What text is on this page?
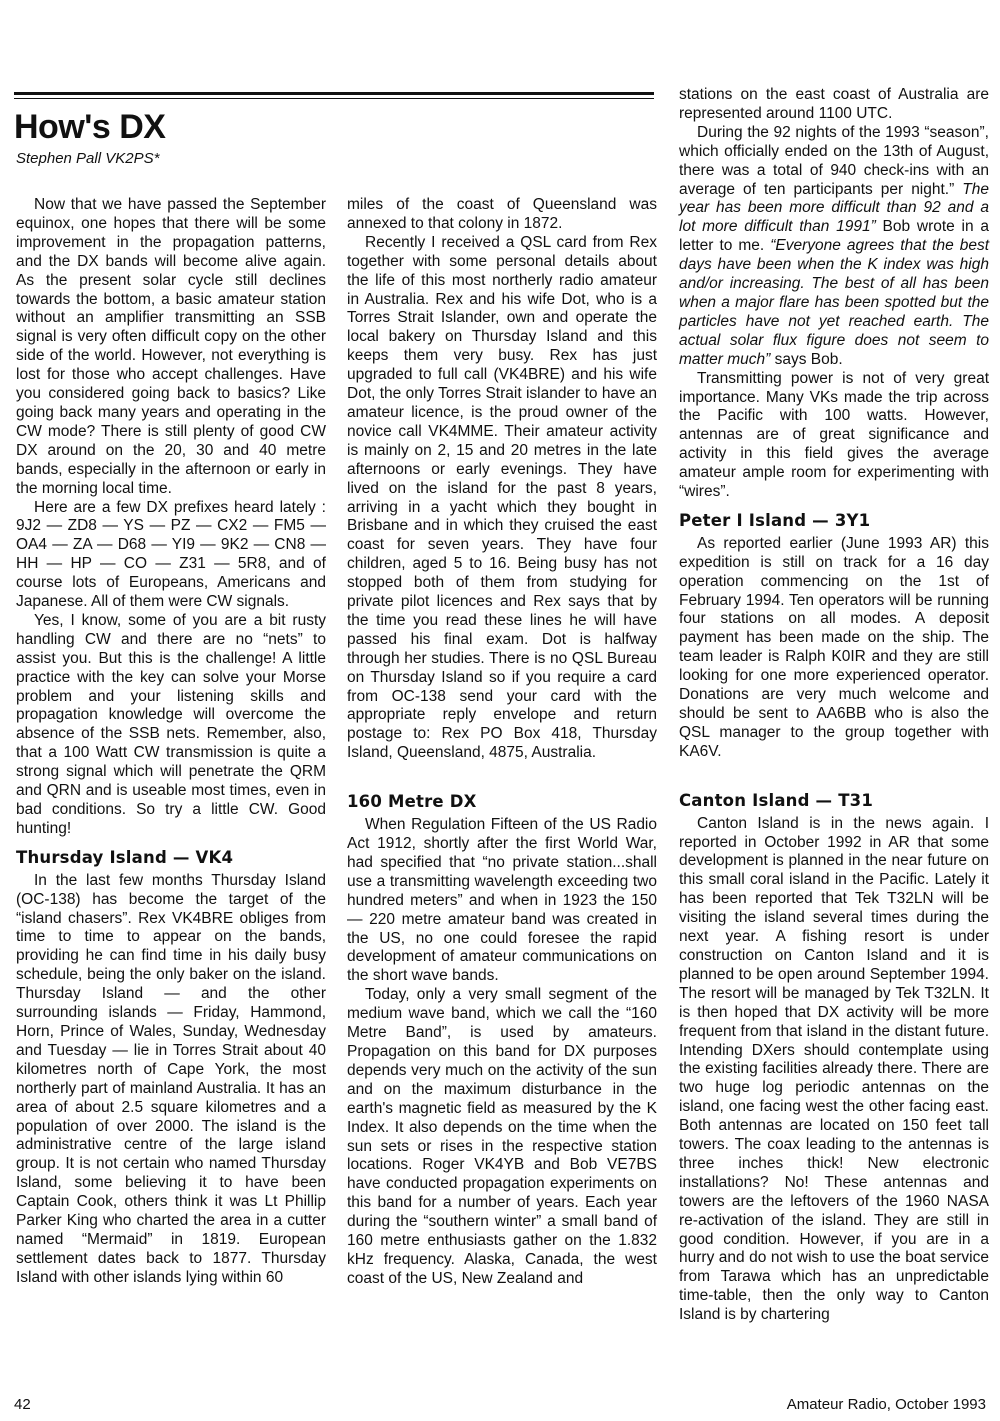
How's DX
Stephen Pall VK2PS*

Now that we have passed the September equinox, one hopes that there will be some improvement in the propagation patterns, and the DX bands will become alive again. As the present solar cycle still declines towards the bottom, a basic amateur station without an amplifier transmitting an SSB signal is very often difficult copy on the other side of the world. However, not everything is lost for those who accept challenges. Have you considered going back to basics? Like going back many years and operating in the CW mode? There is still plenty of good CW DX around on the 20, 30 and 40 metre bands, especially in the afternoon or early in the morning local time.

Here are a few DX prefixes heard lately : 9J2 — ZD8 — YS — PZ — CX2 — FM5 — OA4 — ZA — D68 — YI9 — 9K2 — CN8 — HH — HP — CO — Z31 — 5R8, and of course lots of Europeans, Americans and Japanese. All of them were CW signals.

Yes, I know, some of you are a bit rusty handling CW and there are no “nets” to assist you. But this is the challenge! A little practice with the key can solve your Morse problem and your listening skills and propagation knowledge will overcome the absence of the SSB nets. Remember, also, that a 100 Watt CW transmission is quite a strong signal which will penetrate the QRM and QRN and is useable most times, even in bad conditions. So try a little CW. Good hunting!

Thursday Island — VK4

In the last few months Thursday Island (OC-138) has become the target of the “island chasers”. Rex VK4BRE obliges from time to time to appear on the bands, providing he can find time in his daily busy schedule, being the only baker on the island. Thursday Island — and the other surrounding islands — Friday, Hammond, Horn, Prince of Wales, Sunday, Wednesday and Tuesday — lie in Torres Strait about 40 kilometres north of Cape York, the most northerly part of mainland Australia. It has an area of about 2.5 square kilometres and a population of over 2000. The island is the administrative centre of the large island group. It is not certain who named Thursday Island, some believing it to have been Captain Cook, others think it was Lt Phillip Parker King who charted the area in a cutter named “Mermaid” in 1819. European settlement dates back to 1877. Thursday Island with other islands lying within 60

miles of the coast of Queensland was annexed to that colony in 1872.

Recently I received a QSL card from Rex together with some personal details about the life of this most northerly radio amateur in Australia. Rex and his wife Dot, who is a Torres Strait Islander, own and operate the local bakery on Thursday Island and this keeps them very busy. Rex has just upgraded to full call (VK4BRE) and his wife Dot, the only Torres Strait islander to have an amateur licence, is the proud owner of the novice call VK4MME. Their amateur activity is mainly on 2, 15 and 20 metres in the late afternoons or early evenings. They have lived on the island for the past 8 years, arriving in a yacht which they bought in Brisbane and in which they cruised the east coast for seven years. They have four children, aged 5 to 16. Being busy has not stopped both of them from studying for private pilot licences and Rex says that by the time you read these lines he will have passed his final exam. Dot is halfway through her studies. There is no QSL Bureau on Thursday Island so if you require a card from OC-138 send your card with the appropriate reply envelope and return postage to: Rex PO Box 418, Thursday Island, Queensland, 4875, Australia.

160 Metre DX

When Regulation Fifteen of the US Radio Act 1912, shortly after the first World War, had specified that “no private station...shall use a transmitting wavelength exceeding two hundred meters” and when in 1923 the 150 — 220 metre amateur band was created in the US, no one could foresee the rapid development of amateur communications on the short wave bands.

Today, only a very small segment of the medium wave band, which we call the “160 Metre Band”, is used by amateurs. Propagation on this band for DX purposes depends very much on the activity of the sun and on the maximum disturbance in the earth's magnetic field as measured by the K Index. It also depends on the time when the sun sets or rises in the respective station locations. Roger VK4YB and Bob VE7BS have conducted propagation experiments on this band for a number of years. Each year during the “southern winter” a small band of 160 metre enthusiasts gather on the 1.832 kHz frequency. Alaska, Canada, the west coast of the US, New Zealand and

stations on the east coast of Australia are represented around 1100 UTC.

During the 92 nights of the 1993 “season”, which officially ended on the 13th of August, there was a total of 940 check-ins with an average of ten participants per night.” The year has been more difficult than 92 and a lot more difficult than 1991” Bob wrote in a letter to me. “Everyone agrees that the best days have been when the K index was high and/or increasing. The best of all has been when a major flare has been spotted but the particles have not yet reached earth. The actual solar flux figure does not seem to matter much” says Bob.

Transmitting power is not of very great importance. Many VKs made the trip across the Pacific with 100 watts. However, antennas are of great significance and activity in this field gives the average amateur ample room for experimenting with “wires”.

Peter I Island — 3Y1

As reported earlier (June 1993 AR) this expedition is still on track for a 16 day operation commencing on the 1st of February 1994. Ten operators will be running four stations on all modes. A deposit payment has been made on the ship. The team leader is Ralph K0IR and they are still looking for one more experienced operator. Donations are very much welcome and should be sent to AA6BB who is also the QSL manager to the group together with KA6V.

Canton Island — T31

Canton Island is in the news again. I reported in October 1992 in AR that some development is planned in the near future on this small coral island in the Pacific. Lately it has been reported that Tek T32LN will be visiting the island several times during the next year. A fishing resort is under construction on Canton Island and it is planned to be open around September 1994. The resort will be managed by Tek T32LN. It is then hoped that DX activity will be more frequent from that island in the distant future. Intending DXers should contemplate using the existing facilities already there. There are two huge log periodic antennas on the island, one facing west the other facing east. Both antennas are located on 150 feet tall towers. The coax leading to the antennas is three inches thick! New electronic installations? No! These antennas and towers are the leftovers of the 1960 NASA re-activation of the island. They are still in good condition. However, if you are in a hurry and do not wish to use the boat service from Tarawa which has an unpredictable time-table, then the only way to Canton Island is by chartering

42	Amateur Radio, October 1993
